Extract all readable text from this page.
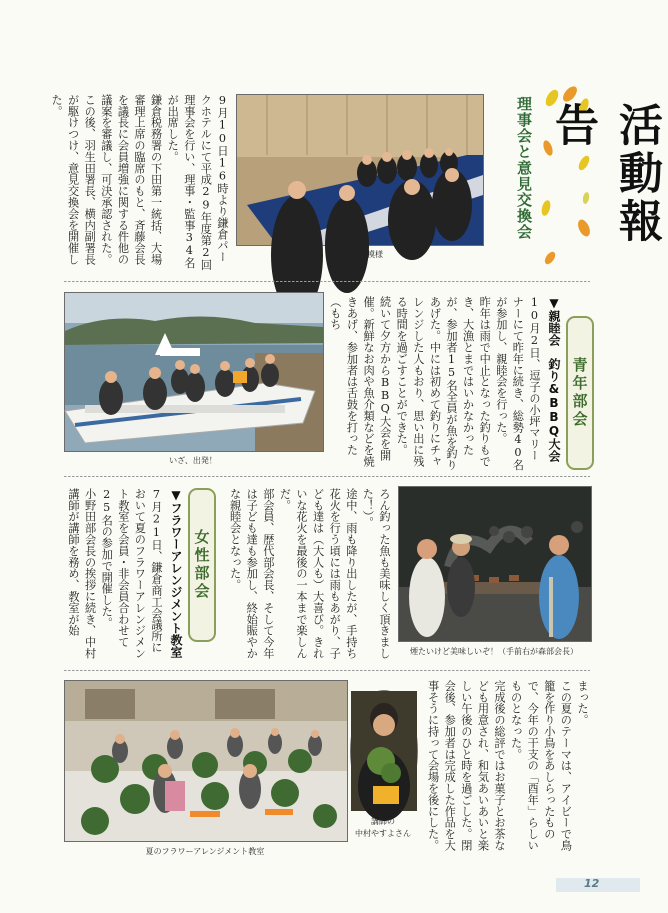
理事会の模様
9月10日16時より鎌倉パークホテルにて平成29年度第2回理事会を行い、理事・監事34名が出席した。
鎌倉税務署の下田第一統括、大場審理上席の臨席のもと、斉藤会長を議長に会員増強に関する件他の議案を審議し、可決承認された。
この後、羽生田署長、横内副署長が駆けつけ、意見交換会を開催した。	活動報告
理事会と意見交換会
いざ、出発！
青年部会
▼親睦会　釣り&BBQ大会
10月2日、逗子の小坪マリーナーにて昨年に続き、総勢40名が参加し、親睦会を行った。
昨年は雨で中止となった釣りもでき、大漁とまではいかなかったが、参加者15名全員が魚を釣りあげた。中には初めて釣りにチャレンジした人もおり、思い出に残る時間を過ごすことができた。
続いて夕方からBBQ大会を開催。新鮮なお肉や魚介類などを焼きあげ、参加者は舌鼓を打った（もち
煙たいけど美味しいぞ！（手前右が森部会長）
女性部会
▼フラワーアレンジメント教室
7月21日、鎌倉商工会議所において夏のフラワーアレンジメント教室を会員・非会員合わせて25名の参加で開催した。
小野田部会長の挨拶に続き、中村講師が講師を務め、教室が始
夏のフラワーアレンジメント教室
講師の
中村やすよさん
まった。
この夏のテーマは、アイビーで鳥籠を作り小鳥をあしらったもので、今年の干支の「酉年」らしいものとなった。
完成後の総評ではお菓子とお茶なども用意され、和気あいあいと楽しい午後のひと時を過ごした。閉会後、参加者は完成した作品を大事そうに持って会場を後にした。
12
ろん釣った魚も美味しく頂きました！）。
途中、雨も降り出したが、手持ち花火を行う頃には雨もあがり、子ども達は（大人も）大喜び。きれいな花火を最後の一本まで楽しんだ。
部会員、歴代部会長、そして今年は子ども達も参加し、終始賑やかな親睦会となった。
